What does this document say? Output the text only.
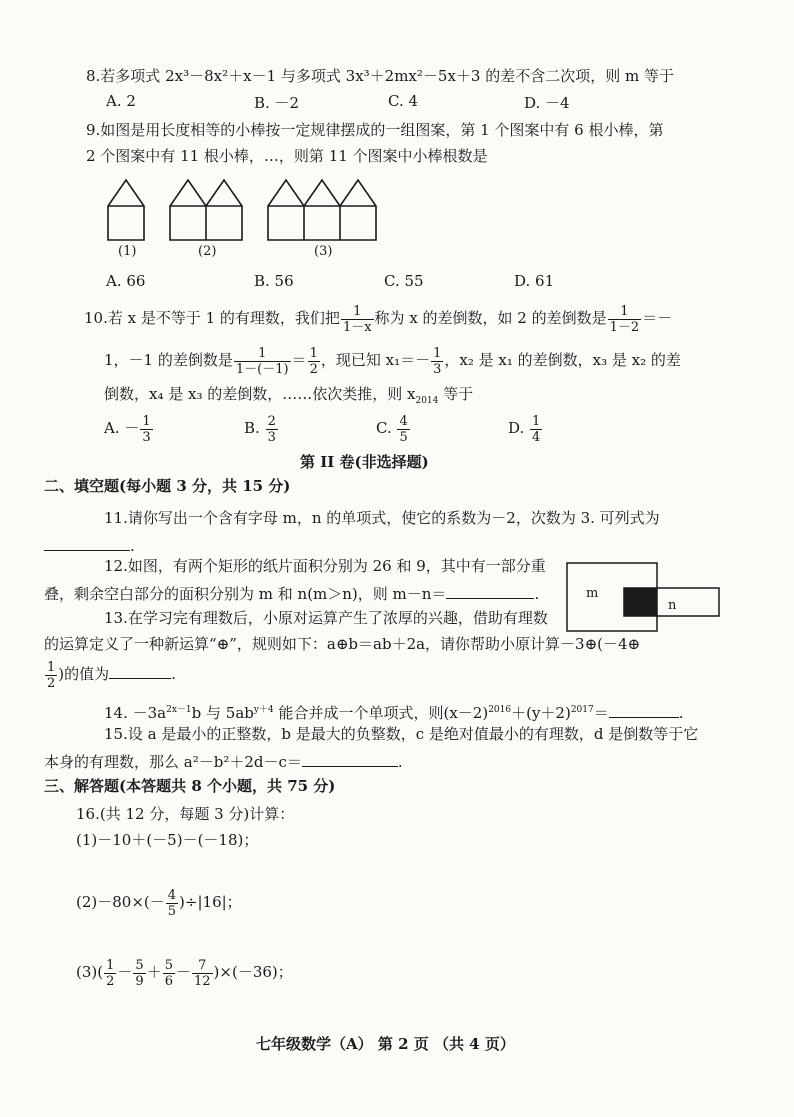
8.若多项式 2x³－8x²＋x－1 与多项式 3x³＋2mx²－5x＋3 的差不含二次项，则 m 等于
A. 2	B. －2	C. 4	D. －4
9.如图是用长度相等的小棒按一定规律摆成的一组图案，第 1 个图案中有 6 根小棒，第
2 个图案中有 11 根小棒，…，则第 11 个图案中小棒根数是
(1)	(2)	(3)
A. 66	B. 56	C. 55	D. 61
10.若 x 是不等于 1 的有理数，我们把 $\frac{1}{1-x}$ 称为 x 的差倒数，如 2 的差倒数是 $\frac{1}{1-2}$ ＝－
1，－1 的差倒数是 $\frac{1}{1-(-1)} = \frac{1}{2}$ ，现已知 $x_1=- \frac{1}{3}$ ，x₂ 是 x₁ 的差倒数，x₃ 是 x₂ 的差
倒数，x₄ 是 x₃ 的差倒数，……依次类推，则 $x_{2014}$ 等于
A. － $\frac{1}{3}$	B. $\frac{2}{3}$	C. $\frac{4}{5}$	D. $\frac{1}{4}$
第 II 卷(非选择题)
二、填空题(每小题 3 分，共 15 分)
11.请你写出一个含有字母 m，n 的单项式，使它的系数为－2，次数为 3. 可列式为
.
12.如图，有两个矩形的纸片面积分别为 26 和 9，其中有一部分重
叠，剩余空白部分的面积分别为 m 和 n(m＞n)，则 m－n＝	.	m
n
13.在学习完有理数后，小原对运算产生了浓厚的兴趣，借助有理数
的运算定义了一种新运算“⊕”，规则如下：a⊕b＝ab＋2a，请你帮助小原计算－3⊕(－4⊕
$\frac{1}{2}$ )的值为	.
14. $-3a^{2x-1}b$ 与 $5ab^{y+4}$ 能合并成一个单项式，则$(x-2)^{2016}+(y+2)^{2017}=$	.
15.设 a 是最小的正整数，b 是最大的负整数，c 是绝对值最小的有理数，d 是倒数等于它
本身的有理数，那么 a²－b²＋2d－c＝	.
三、解答题(本答题共 8 个小题，共 75 分)
16.(共 12 分，每题 3 分)计算：
(1)－10＋(－5)－(－18)；
$(2)-80\times(- \frac{4}{5} )\div|16|$；
$(3)( \frac{1}{2} - \frac{5}{9} + \frac{5}{6} - \frac{7}{12} )\times(-36)$；
七年级数学（A） 第 2 页 （共 4 页）
